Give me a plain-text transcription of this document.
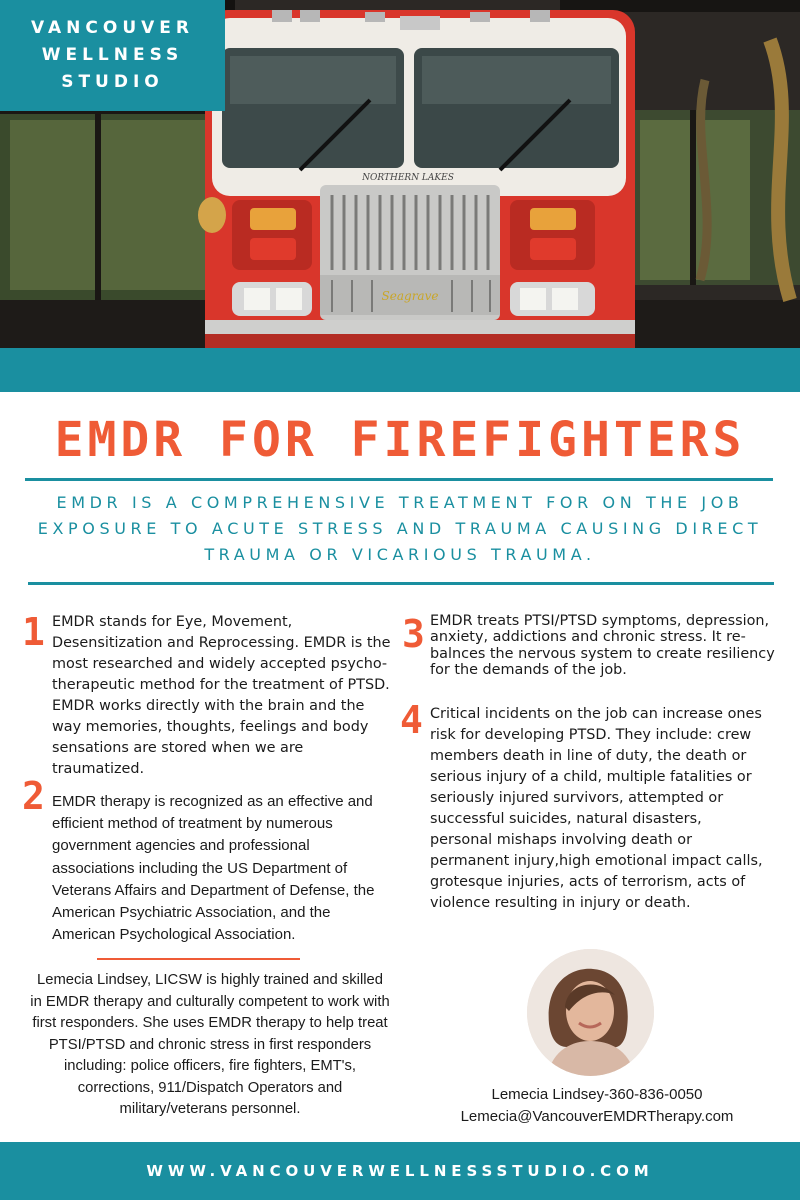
NORTHERN LAKES
Seagrave
VANCOUVER
WELLNESS
STUDIO
EMDR FOR FIREFIGHTERS
EMDR IS A COMPREHENSIVE TREATMENT FOR ON THE JOB EXPOSURE TO ACUTE STRESS AND TRAUMA CAUSING DIRECT TRAUMA OR VICARIOUS TRAUMA.
1 EMDR stands for Eye, Movement, Desensitization and Reprocessing. EMDR is the most researched and widely accepted psycho-therapeutic method for the treatment of PTSD. EMDR works directly with the brain and the way memories, thoughts, feelings and body sensations are stored when we are traumatized.
2 EMDR therapy is recognized as an effective and efficient method of treatment by numerous government agencies and professional associations including the US Department of Veterans Affairs and Department of Defense, the American Psychiatric Association, and the American Psychological Association.
Lemecia Lindsey, LICSW is highly trained and skilled in EMDR therapy and culturally competent to work with first responders. She uses EMDR therapy to help treat PTSI/PTSD and chronic stress in first responders including: police officers, fire fighters, EMT's, corrections, 911/Dispatch Operators and military/veterans personnel.
3 EMDR treats PTSI/PTSD symptoms, depression, anxiety, addictions and chronic stress. It re-balnces the nervous system to create resiliency for the demands of the job.
4 Critical incidents on the job can increase ones risk for developing PTSD. They include: crew members death in line of duty, the death or serious injury of a child, multiple fatalities or seriously injured survivors, attempted or successful suicides, natural disasters, personal mishaps involving death or permanent injury,high emotional impact calls, grotesque injuries, acts of terrorism, acts of violence resulting in injury or death.
Lemecia Lindsey-360-836-0050
Lemecia@VancouverEMDRTherapy.com
WWW.VANCOUVERWELLNESSSTUDIO.COM
